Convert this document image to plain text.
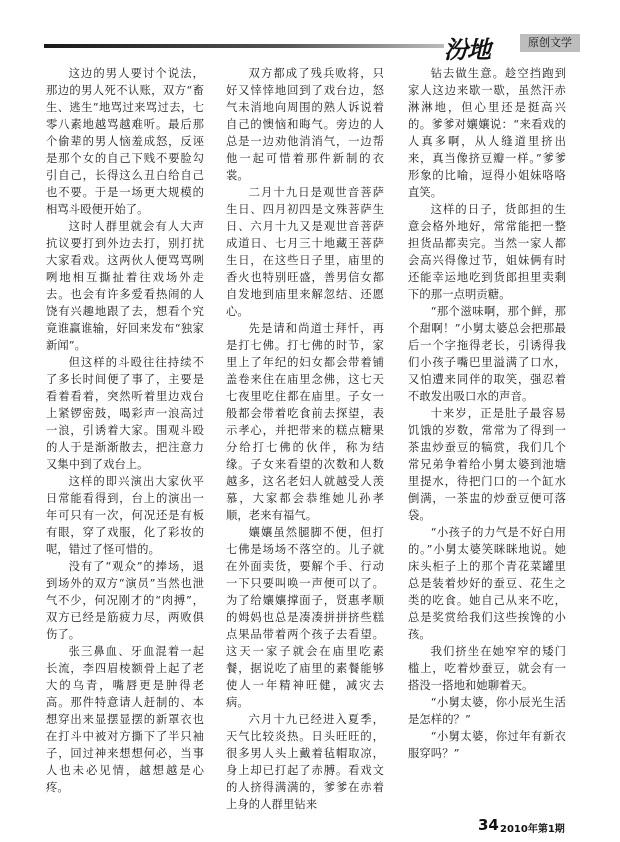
汾地	原创文学

这边的男人要讨个说法，那边的男人死不认账，双方“畜生、逃生”地骂过来骂过去，七零八素地越骂越难听。最后那个偷辈的男人恼羞成怒，反诬是那个女的自己下贱不要脸勾引自己，长得这么丑白给自己也不要。于是一场更大规模的相骂斗殴便开始了。

这时人群里就会有人大声抗议要打到外边去打，别打扰大家看戏。这两伙人便骂骂咧咧地相互撕扯着往戏场外走去。也会有许多爱看热闹的人饶有兴趣地跟了去，想看个究竟谁赢谁输，好回来发布“独家新闻”。

但这样的斗殴往往持续不了多长时间便了事了，主要是看着看着，突然听着里边戏台上紧锣密鼓，喝彩声一浪高过一浪，引诱着大家。围观斗殴的人于是渐渐散去，把注意力又集中到了戏台上。

这样的即兴演出大家伙平日常能看得到，台上的演出一年可只有一次，何况还是有板有眼，穿了戏服，化了彩妆的呢，错过了怪可惜的。

没有了“观众”的捧场，退到场外的双方“演员”当然也泄气不少，何况刚才的“肉搏”，双方已经是筋疲力尽，两败俱伤了。

张三鼻血、牙血混着一起长流，李四眉棱额骨上起了老大的乌青，嘴唇更是肿得老高。那件特意请人赶制的、本想穿出来显摆显摆的新罩衣也在打斗中被对方撕下了半只袖子，回过神来想想何必，当事人也未必见情，越想越是心疼。

双方都成了残兵败将，只好又悻悻地回到了戏台边，怒气未消地向周围的熟人诉说着自己的懊恼和晦气。旁边的人总是一边劝他消消气，一边帮他一起可惜着那件新制的衣裳。

二月十九日是观世音菩萨生日、四月初四是文殊菩萨生日、六月十九又是观世音菩萨成道日、七月三十地藏王菩萨生日，在这些日子里，庙里的香火也特别旺盛，善男信女都自发地到庙里来解忽结、还愿心。

先是请和尚道士拜忏，再是打七佛。打七佛的时节，家里上了年纪的妇女都会带着铺盖卷来住在庙里念佛，这七天七夜里吃住都在庙里。子女一般都会带着吃食前去探望，表示孝心，并把带来的糕点糖果分给打七佛的伙伴，称为结缘。子女来看望的次数和人数越多，这名老妇人就越受人羡慕，大家都会恭维她儿孙孝顺，老来有福气。

孃孃虽然腿脚不便，但打七佛是场场不落空的。儿子就在外面卖货，要解个手、行动一下只要叫唤一声便可以了。为了给孃孃撑面子，贤惠孝顺的姆妈也总是凑凑拼拼挤些糕点果品带着两个孩子去看望。这天一家子就会在庙里吃素餐，据说吃了庙里的素餐能够使人一年精神旺健，减灾去病。

六月十九已经进入夏季，天气比较炎热。日头旺旺的，很多男人头上戴着毡帽取凉，身上却已打起了赤膊。看戏文的人挤得满满的，爹爹在赤着上身的人群里钻来

钻去做生意。趁空挡跑到家人这边来歇一歇，虽然汗赤淋淋地，但心里还是挺高兴的。爹爹对孃孃说：“来看戏的人真多啊，从人缝道里挤出来，真当像挤豆瓣一样。”爹爹形象的比喻，逗得小姐妹咯咯直笑。

这样的日子，货郎担的生意会格外地好，常常能把一整担货品都卖完。当然一家人都会高兴得像过节，姐妹俩有时还能幸运地吃到货郎担里卖剩下的那一点明贡糖。

“那个滋味啊，那个鲜，那个甜啊！”小舅太婆总会把那最后一个字拖得老长，引诱得我们小孩子嘴巴里溢满了口水，又怕遭来同伴的取笑，强忍着不敢发出吸口水的声音。

十来岁，正是肚子最容易饥饿的岁数，常常为了得到一茶盅炒蚕豆的犒赏，我们几个常兄弟争着给小舅太婆到池塘里提水，待把门口的一个缸水倒满，一茶盅的炒蚕豆便可落袋。

“小孩子的力气是不好白用的。”小舅太婆笑眯眯地说。她床头柜子上的那个青花菜罐里总是装着炒好的蚕豆、花生之类的吃食。她自己从来不吃，总是奖赏给我们这些挨馋的小孩。

我们挤坐在她窄窄的矮门槛上，吃着炒蚕豆，就会有一搭没一搭地和她聊着天。

“小舅太婆，你小辰光生活是怎样的？”

“小舅太婆，你过年有新衣服穿吗？”

34 2010年第1期
